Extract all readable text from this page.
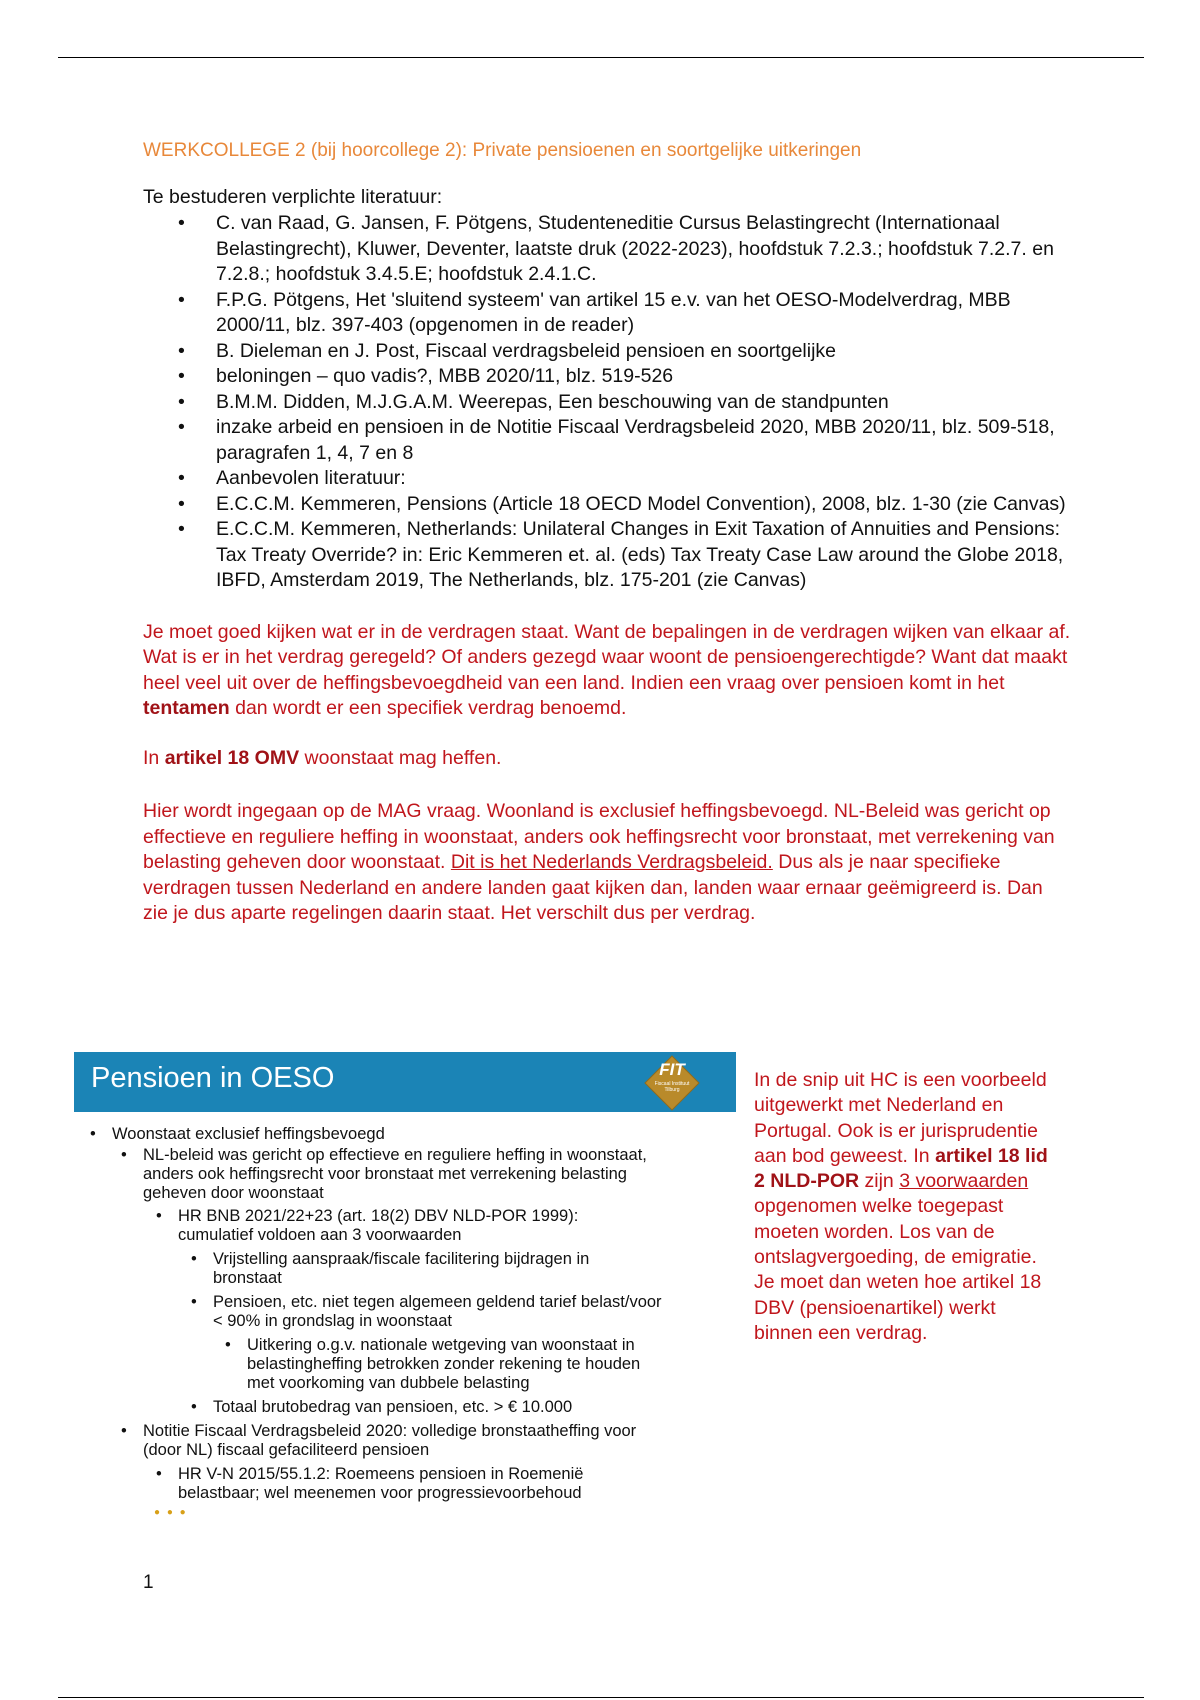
WERKCOLLEGE 2 (bij hoorcollege 2): Private pensioenen en soortgelijke uitkeringen
Te bestuderen verplichte literatuur:
• C. van Raad, G. Jansen, F. Pötgens, Studenteneditie Cursus Belastingrecht (Internationaal Belastingrecht), Kluwer, Deventer, laatste druk (2022-2023), hoofdstuk 7.2.3.; hoofdstuk 7.2.7. en 7.2.8.; hoofdstuk 3.4.5.E; hoofdstuk 2.4.1.C.
• F.P.G. Pötgens, Het 'sluitend systeem' van artikel 15 e.v. van het OESO-Modelverdrag, MBB 2000/11, blz. 397-403 (opgenomen in de reader)
• B. Dieleman en J. Post, Fiscaal verdragsbeleid pensioen en soortgelijke
• beloningen – quo vadis?, MBB 2020/11, blz. 519-526
• B.M.M. Didden, M.J.G.A.M. Weerepas, Een beschouwing van de standpunten
• inzake arbeid en pensioen in de Notitie Fiscaal Verdragsbeleid 2020, MBB 2020/11, blz. 509-518, paragrafen 1, 4, 7 en 8
• Aanbevolen literatuur:
• E.C.C.M. Kemmeren, Pensions (Article 18 OECD Model Convention), 2008, blz. 1-30 (zie Canvas)
• E.C.C.M. Kemmeren, Netherlands: Unilateral Changes in Exit Taxation of Annuities and Pensions: Tax Treaty Override? in: Eric Kemmeren et. al. (eds) Tax Treaty Case Law around the Globe 2018, IBFD, Amsterdam 2019, The Netherlands, blz. 175-201 (zie Canvas)

Je moet goed kijken wat er in de verdragen staat. Want de bepalingen in de verdragen wijken van elkaar af. Wat is er in het verdrag geregeld? Of anders gezegd waar woont de pensioengerechtigde? Want dat maakt heel veel uit over de heffingsbevoegdheid van een land. Indien een vraag over pensioen komt in het tentamen dan wordt er een specifiek verdrag benoemd.

In artikel 18 OMV woonstaat mag heffen.

Hier wordt ingegaan op de MAG vraag. Woonland is exclusief heffingsbevoegd. NL-Beleid was gericht op effectieve en reguliere heffing in woonstaat, anders ook heffingsrecht voor bronstaat, met verrekening van belasting geheven door woonstaat. Dit is het Nederlands Verdragsbeleid. Dus als je naar specifieke verdragen tussen Nederland en andere landen gaat kijken dan, landen waar ernaar geëmigreerd is. Dan zie je dus aparte regelingen daarin staat. Het verschilt dus per verdrag.

Pensioen in OESO	FIT
Fiscaal Instituut Tilburg
• Woonstaat exclusief heffingsbevoegd
• NL-beleid was gericht op effectieve en reguliere heffing in woonstaat,
anders ook heffingsrecht voor bronstaat met verrekening belasting
geheven door woonstaat
• HR BNB 2021/22+23 (art. 18(2) DBV NLD-POR 1999):
cumulatief voldoen aan 3 voorwaarden
• Vrijstelling aanspraak/fiscale facilitering bijdragen in
bronstaat
• Pensioen, etc. niet tegen algemeen geldend tarief belast/voor
< 90% in grondslag in woonstaat
• Uitkering o.g.v. nationale wetgeving van woonstaat in
belastingheffing betrokken zonder rekening te houden
met voorkoming van dubbele belasting
• Totaal brutobedrag van pensioen, etc. > € 10.000
• Notitie Fiscaal Verdragsbeleid 2020: volledige bronstaatheffing voor
(door NL) fiscaal gefaciliteerd pensioen
• HR V-N 2015/55.1.2: Roemeens pensioen in Roemenië
belastbaar; wel meenemen voor progressievoorbehoud
● ● ●
In de snip uit HC is een voorbeeld uitgewerkt met Nederland en Portugal. Ook is er jurisprudentie aan bod geweest. In artikel 18 lid 2 NLD-POR zijn 3 voorwaarden opgenomen welke toegepast moeten worden. Los van de ontslagvergoeding, de emigratie. Je moet dan weten hoe artikel 18 DBV (pensioenartikel) werkt binnen een verdrag.
1
